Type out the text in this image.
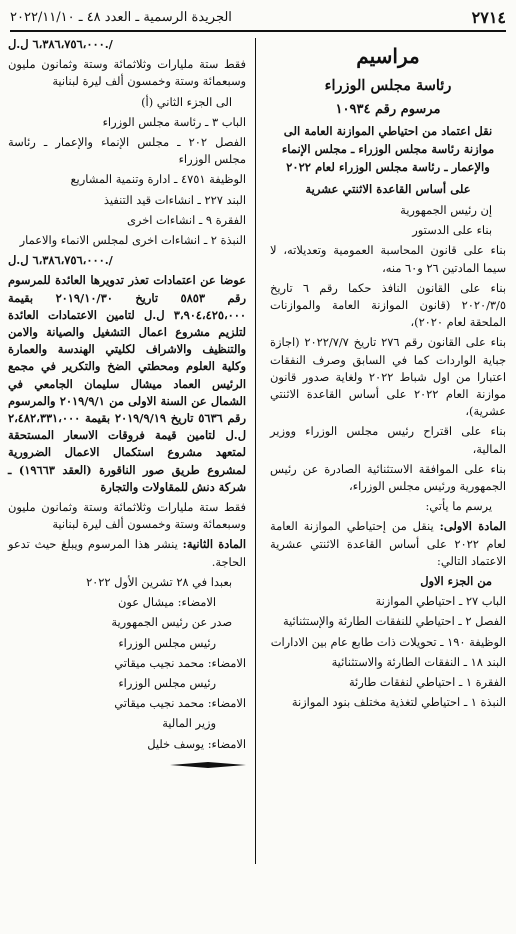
٢٧١٤
الجريدة الرسمية ـ العدد ٤٨ ـ ٢٠٢٢/١١/١٠
مراسيم
رئاسة مجلس الوزراء
مرسوم رقم ١٠٩٣٤
نقل اعتماد من احتياطي الموازنة العامة الى موازنة رئاسة مجلس الوزراء ـ مجلس الإنماء والإعمار ـ رئاسة مجلس الوزراء لعام ٢٠٢٢
على أساس القاعدة الاثنتي عشرية

إن رئيس الجمهورية

بناء على الدستور

بناء على قانون المحاسبة العمومية وتعديلاته، لا سيما المادتين ٢٦ و٦٠ منه،

بناء على القانون النافذ حكما رقم ٦ تاريخ ٢٠٢٠/٣/٥ (قانون الموازنة العامة والموازنات الملحقة لعام ٢٠٢٠)،

بناء على القانون رقم ٢٧٦ تاريخ ٢٠٢٢/٧/٧ (اجازة جباية الواردات كما في السابق وصرف النفقات اعتبارا من اول شباط ٢٠٢٢ ولغاية صدور قانون موازنة العام ٢٠٢٢ على أساس القاعدة الاثنتي عشرية)،

بناء على اقتراح رئيس مجلس الوزراء ووزير المالية،

بناء على الموافقة الاستثنائية الصادرة عن رئيس الجمهورية ورئيس مجلس الوزراء،

يرسم ما يأتي:

المادة الاولى: ينقل من إحتياطي الموازنة العامة لعام ٢٠٢٢ على أساس القاعدة الاثنتي عشرية الاعتماد التالي:

من الجزء الاول

الباب ٢٧ ـ احتياطي الموازنة

الفصل ٢ ـ احتياطي للنفقات الطارئة والإستثنائية

الوظيفة ١٩٠ ـ تحويلات ذات طابع عام بين الادارات

البند ١٨ ـ النفقات الطارئة والاستثنائية

الفقرة ١ ـ احتياطي لنفقات طارئة

النبذة ١ ـ احتياطي لتغذية مختلف بنود الموازنة

٦،٣٨٦،٧٥٦،٠٠٠ ل.ل./

فقط ستة مليارات وثلاثمائة وستة وثمانون مليون وسبعمائة وستة وخمسون ألف ليرة لبنانية

الى الجزء الثاني (أ)

الباب ٣ ـ رئاسة مجلس الوزراء

الفصل ٢٠٢ ـ مجلس الإنماء والإعمار ـ رئاسة مجلس الوزراء

الوظيفة ٤٧٥١ ـ ادارة وتنمية المشاريع

البند ٢٢٧ ـ انشاءات قيد التنفيذ

الفقرة ٩ ـ انشاءات اخرى

النبذة ٢ ـ انشاءات اخرى لمجلس الانماء والاعمار

٦،٣٨٦،٧٥٦،٠٠٠ ل.ل./

عوضا عن اعتمادات تعذر تدويرها العائدة للمرسوم رقم ٥٨٥٣ تاريخ ٢٠١٩/١٠/٣٠ بقيمة ٣،٩٠٤،٤٢٥،٠٠٠ ل.ل لتامين الاعتمادات العائدة لتلزيم مشروع اعمال التشغيل والصيانة والامن والتنظيف والاشراف لكليتي الهندسة والعمارة وكلية العلوم ومحطتي الضخ والتكرير في مجمع الرئيس العماد ميشال سليمان الجامعي في الشمال عن السنة الاولى من ٢٠١٩/٩/١ والمرسوم رقم ٥٦٣٦ تاريخ ٢٠١٩/٩/١٩ بقيمة ٢،٤٨٢،٣٣١،٠٠٠ ل.ل لتامين قيمة فروقات الاسعار المستحقة لمتعهد مشروع استكمال الاعمال الضرورية لمشروع طريق صور الناقورة (العقد ١٩٦٦٣) ـ شركة دنش للمقاولات والتجارة

فقط ستة مليارات وثلاثمائة وستة وثمانون مليون وسبعمائة وستة وخمسون ألف ليرة لبنانية

المادة الثانية: ينشر هذا المرسوم ويبلغ حيث تدعو الحاجة.

بعبدا في ٢٨ تشرين الأول ٢٠٢٢

الامضاء: ميشال عون

صدر عن رئيس الجمهورية

رئيس مجلس الوزراء

الامضاء: محمد نجيب ميقاتي

رئيس مجلس الوزراء

الامضاء: محمد نجيب ميقاتي

وزير المالية

الامضاء: يوسف خليل
